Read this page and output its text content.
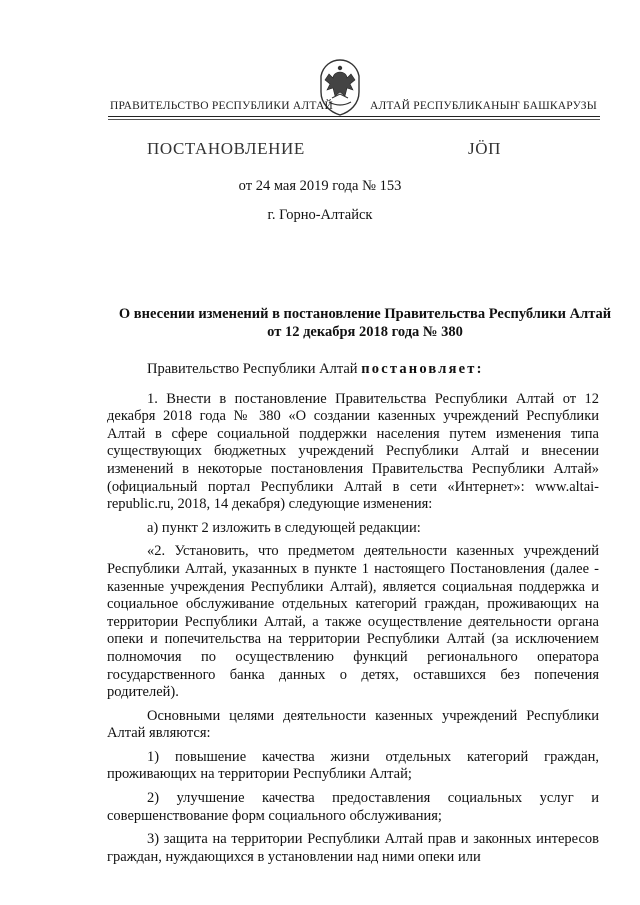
ПРАВИТЕЛЬСТВО РЕСПУБЛИКИ АЛТАЙ	АЛТАЙ РЕСПУБЛИКАНЫҤ БАШКАРУЗЫ
ПОСТАНОВЛЕНИЕ	ЈӦП
от 24 мая 2019 года № 153
г. Горно-Алтайск
О внесении изменений в постановление Правительства Республики Алтай от 12 декабря 2018 года № 380

Правительство Республики Алтай постановляет:

1. Внести в постановление Правительства Республики Алтай от 12 декабря 2018 года № 380 «О создании казенных учреждений Республики Алтай в сфере социальной поддержки населения путем изменения типа существующих бюджетных учреждений Республики Алтай и внесении изменений в некоторые постановления Правительства Республики Алтай» (официальный портал Республики Алтай в сети «Интернет»: www.altai-republic.ru, 2018, 14 декабря) следующие изменения:

а) пункт 2 изложить в следующей редакции:

«2. Установить, что предметом деятельности казенных учреждений Республики Алтай, указанных в пункте 1 настоящего Постановления (далее - казенные учреждения Республики Алтай), является социальная поддержка и социальное обслуживание отдельных категорий граждан, проживающих на территории Республики Алтай, а также осуществление деятельности органа опеки и попечительства на территории Республики Алтай (за исключением полномочия по осуществлению функций регионального оператора государственного банка данных о детях, оставшихся без попечения родителей).

Основными целями деятельности казенных учреждений Республики Алтай являются:

1) повышение качества жизни отдельных категорий граждан, проживающих на территории Республики Алтай;

2) улучшение качества предоставления социальных услуг и совершенствование форм социального обслуживания;

3) защита на территории Республики Алтай прав и законных интересов граждан, нуждающихся в установлении над ними опеки или
